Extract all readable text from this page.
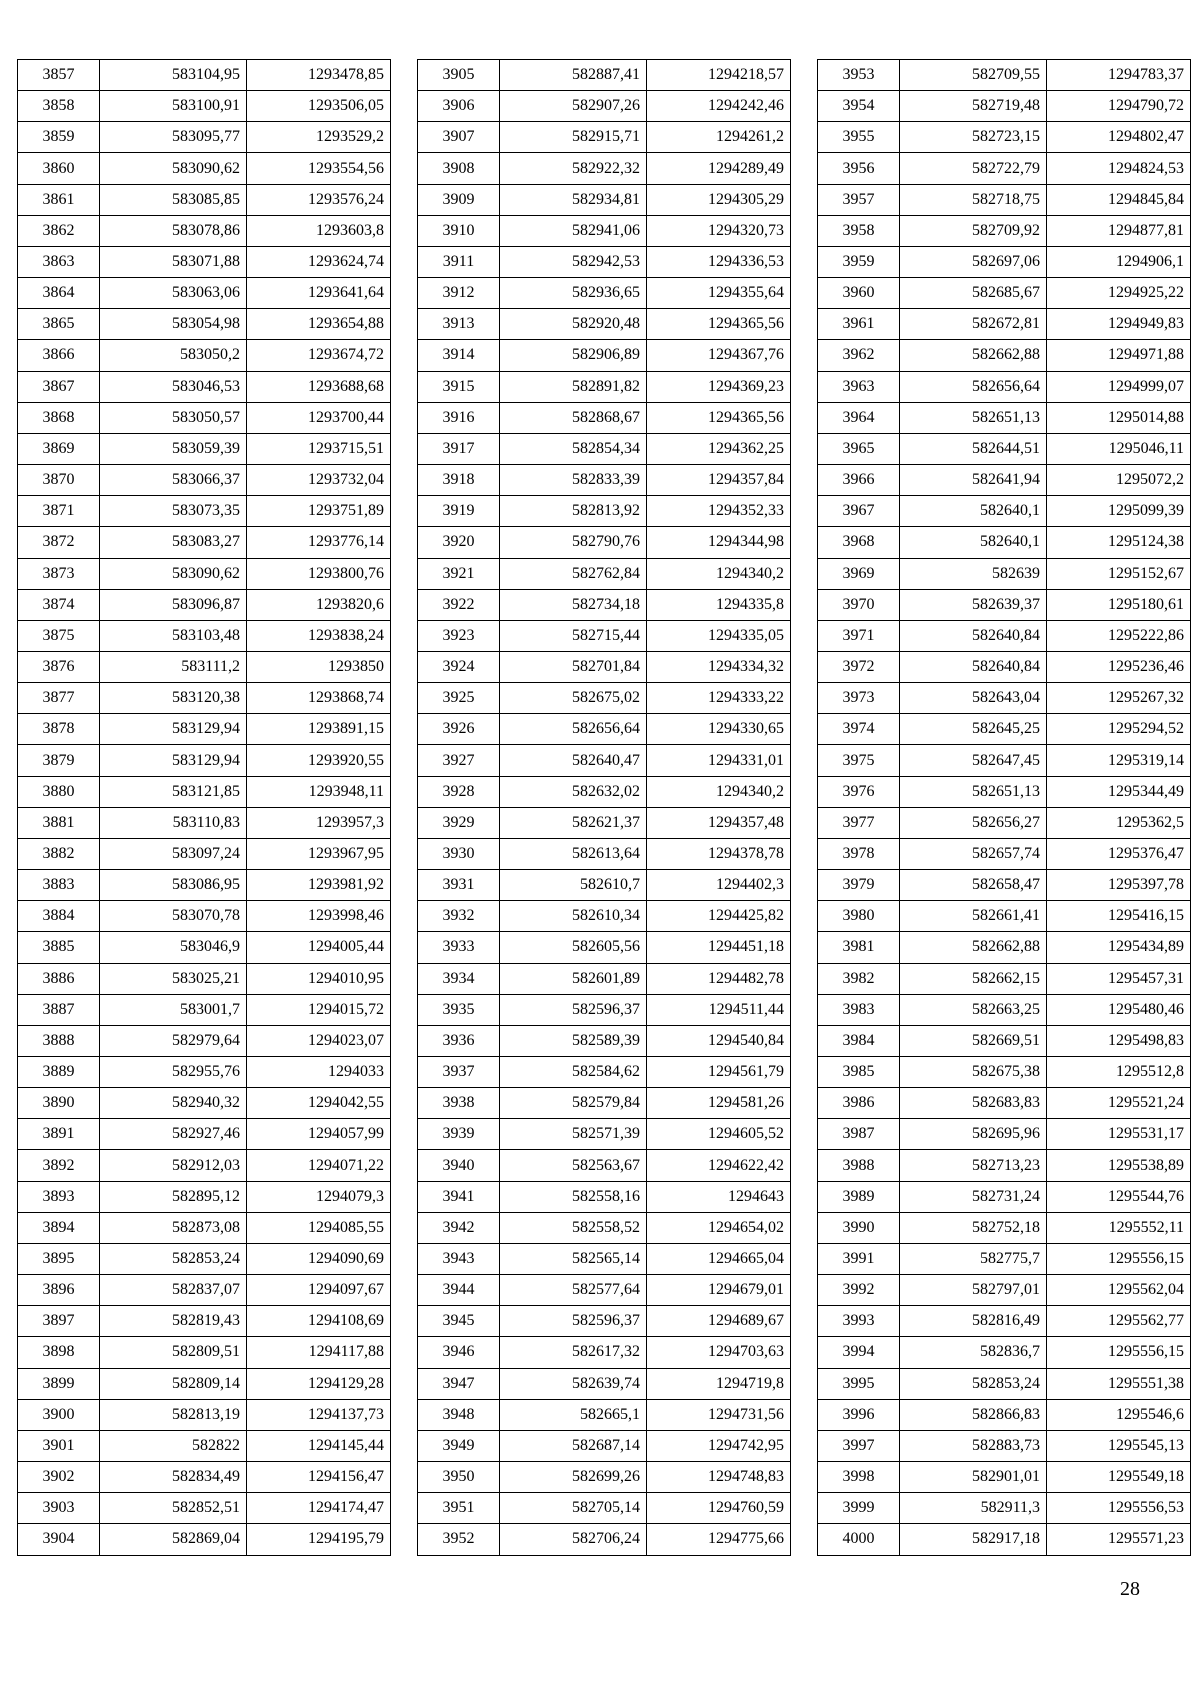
3857	583104,95	1293478,85
3858	583100,91	1293506,05
3859	583095,77	1293529,2
3860	583090,62	1293554,56
3861	583085,85	1293576,24
3862	583078,86	1293603,8
3863	583071,88	1293624,74
3864	583063,06	1293641,64
3865	583054,98	1293654,88
3866	583050,2	1293674,72
3867	583046,53	1293688,68
3868	583050,57	1293700,44
3869	583059,39	1293715,51
3870	583066,37	1293732,04
3871	583073,35	1293751,89
3872	583083,27	1293776,14
3873	583090,62	1293800,76
3874	583096,87	1293820,6
3875	583103,48	1293838,24
3876	583111,2	1293850
3877	583120,38	1293868,74
3878	583129,94	1293891,15
3879	583129,94	1293920,55
3880	583121,85	1293948,11
3881	583110,83	1293957,3
3882	583097,24	1293967,95
3883	583086,95	1293981,92
3884	583070,78	1293998,46
3885	583046,9	1294005,44
3886	583025,21	1294010,95
3887	583001,7	1294015,72
3888	582979,64	1294023,07
3889	582955,76	1294033
3890	582940,32	1294042,55
3891	582927,46	1294057,99
3892	582912,03	1294071,22
3893	582895,12	1294079,3
3894	582873,08	1294085,55
3895	582853,24	1294090,69
3896	582837,07	1294097,67
3897	582819,43	1294108,69
3898	582809,51	1294117,88
3899	582809,14	1294129,28
3900	582813,19	1294137,73
3901	582822	1294145,44
3902	582834,49	1294156,47
3903	582852,51	1294174,47
3904	582869,04	1294195,79
3905	582887,41	1294218,57
3906	582907,26	1294242,46
3907	582915,71	1294261,2
3908	582922,32	1294289,49
3909	582934,81	1294305,29
3910	582941,06	1294320,73
3911	582942,53	1294336,53
3912	582936,65	1294355,64
3913	582920,48	1294365,56
3914	582906,89	1294367,76
3915	582891,82	1294369,23
3916	582868,67	1294365,56
3917	582854,34	1294362,25
3918	582833,39	1294357,84
3919	582813,92	1294352,33
3920	582790,76	1294344,98
3921	582762,84	1294340,2
3922	582734,18	1294335,8
3923	582715,44	1294335,05
3924	582701,84	1294334,32
3925	582675,02	1294333,22
3926	582656,64	1294330,65
3927	582640,47	1294331,01
3928	582632,02	1294340,2
3929	582621,37	1294357,48
3930	582613,64	1294378,78
3931	582610,7	1294402,3
3932	582610,34	1294425,82
3933	582605,56	1294451,18
3934	582601,89	1294482,78
3935	582596,37	1294511,44
3936	582589,39	1294540,84
3937	582584,62	1294561,79
3938	582579,84	1294581,26
3939	582571,39	1294605,52
3940	582563,67	1294622,42
3941	582558,16	1294643
3942	582558,52	1294654,02
3943	582565,14	1294665,04
3944	582577,64	1294679,01
3945	582596,37	1294689,67
3946	582617,32	1294703,63
3947	582639,74	1294719,8
3948	582665,1	1294731,56
3949	582687,14	1294742,95
3950	582699,26	1294748,83
3951	582705,14	1294760,59
3952	582706,24	1294775,66
3953	582709,55	1294783,37
3954	582719,48	1294790,72
3955	582723,15	1294802,47
3956	582722,79	1294824,53
3957	582718,75	1294845,84
3958	582709,92	1294877,81
3959	582697,06	1294906,1
3960	582685,67	1294925,22
3961	582672,81	1294949,83
3962	582662,88	1294971,88
3963	582656,64	1294999,07
3964	582651,13	1295014,88
3965	582644,51	1295046,11
3966	582641,94	1295072,2
3967	582640,1	1295099,39
3968	582640,1	1295124,38
3969	582639	1295152,67
3970	582639,37	1295180,61
3971	582640,84	1295222,86
3972	582640,84	1295236,46
3973	582643,04	1295267,32
3974	582645,25	1295294,52
3975	582647,45	1295319,14
3976	582651,13	1295344,49
3977	582656,27	1295362,5
3978	582657,74	1295376,47
3979	582658,47	1295397,78
3980	582661,41	1295416,15
3981	582662,88	1295434,89
3982	582662,15	1295457,31
3983	582663,25	1295480,46
3984	582669,51	1295498,83
3985	582675,38	1295512,8
3986	582683,83	1295521,24
3987	582695,96	1295531,17
3988	582713,23	1295538,89
3989	582731,24	1295544,76
3990	582752,18	1295552,11
3991	582775,7	1295556,15
3992	582797,01	1295562,04
3993	582816,49	1295562,77
3994	582836,7	1295556,15
3995	582853,24	1295551,38
3996	582866,83	1295546,6
3997	582883,73	1295545,13
3998	582901,01	1295549,18
3999	582911,3	1295556,53
4000	582917,18	1295571,23
28
